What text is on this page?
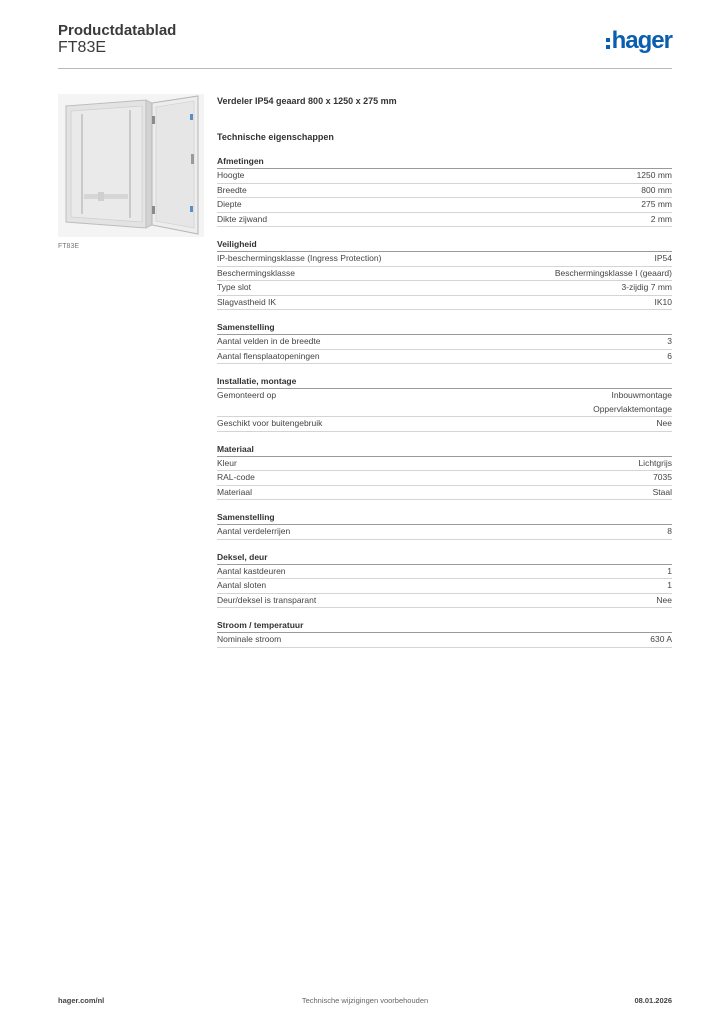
Productdatablad
FT83E	hager
FT83E
Verdeler IP54 geaard 800 x 1250 x 275 mm
Technische eigenschappen
Afmetingen
Hoogte	1250 mm
Breedte	800 mm
Diepte	275 mm
Dikte zijwand	2 mm
Veiligheid
IP-beschermingsklasse (Ingress Protection)	IP54
Beschermingsklasse	Beschermingsklasse I (geaard)
Type slot	3-zijdig 7 mm
Slagvastheid IK	IK10
Samenstelling
Aantal velden in de breedte	3
Aantal flensplaatopeningen	6
Installatie, montage
Gemonteerd op	Inbouwmontage
Oppervlaktemontage
Geschikt voor buitengebruik	Nee
Materiaal
Kleur	Lichtgrijs
RAL-code	7035
Materiaal	Staal
Samenstelling
Aantal verdelerrijen	8
Deksel, deur
Aantal kastdeuren	1
Aantal sloten	1
Deur/deksel is transparant	Nee
Stroom / temperatuur
Nominale stroom	630 A
hager.com/nl	Technische wijzigingen voorbehouden	08.01.2026
